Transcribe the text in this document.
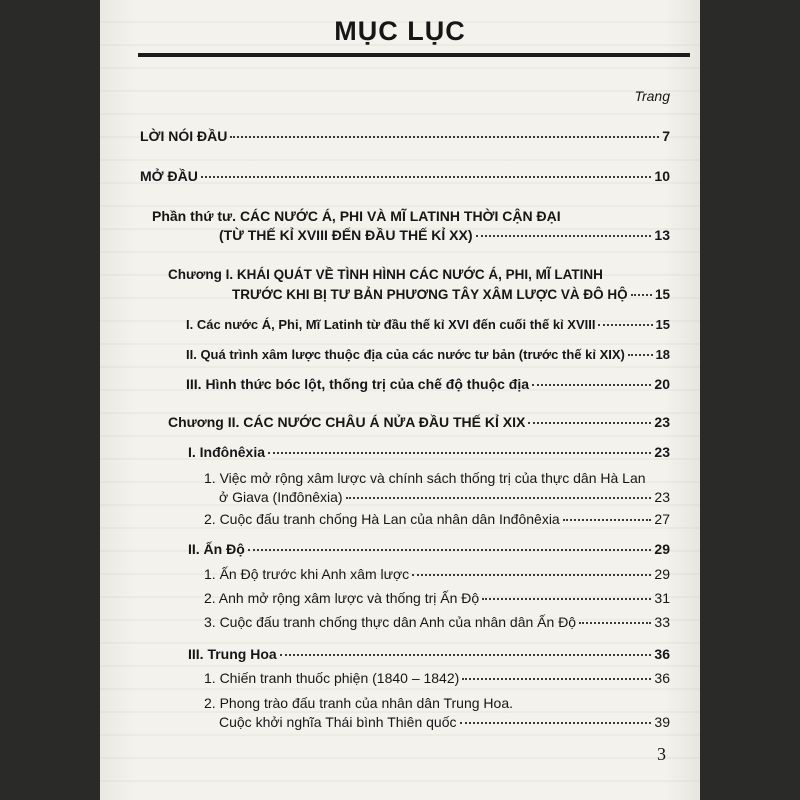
MỤC LỤC
Trang
LỜI NÓI ĐẦU	7
MỞ ĐẦU	10
Phần thứ tư. CÁC NƯỚC Á, PHI VÀ MĨ LATINH THỜI CẬN ĐẠI
(TỪ THẾ KỈ XVIII ĐẾN ĐẦU THẾ KỈ XX)	13
Chương I. KHÁI QUÁT VỀ TÌNH HÌNH CÁC NƯỚC Á, PHI, MĨ LATINH
TRƯỚC KHI BỊ TƯ BẢN PHƯƠNG TÂY XÂM LƯỢC VÀ ĐÔ HỘ 15
I. Các nước Á, Phi, Mĩ Latinh từ đầu thế kỉ XVI đến cuối thế kỉ XVIII	15
II. Quá trình xâm lược thuộc địa của các nước tư bản (trước thế kỉ XIX) 18
III. Hình thức bóc lột, thống trị của chế độ thuộc địa	20
Chương II. CÁC NƯỚC CHÂU Á NỬA ĐẦU THẾ KỈ XIX	23
I. Inđônêxia	23
1. Việc mở rộng xâm lược và chính sách thống trị của thực dân Hà Lan
ở Giava (Inđônêxia)	23
2. Cuộc đấu tranh chống Hà Lan của nhân dân Inđônêxia	27
II. Ấn Độ	29
1. Ấn Độ trước khi Anh xâm lược	29
2. Anh mở rộng xâm lược và thống trị Ấn Độ	31
3. Cuộc đấu tranh chống thực dân Anh của nhân dân Ấn Độ	33
III. Trung Hoa	36
1. Chiến tranh thuốc phiện (1840 – 1842)	36
2. Phong trào đấu tranh của nhân dân Trung Hoa.
Cuộc khởi nghĩa Thái bình Thiên quốc	39
3
